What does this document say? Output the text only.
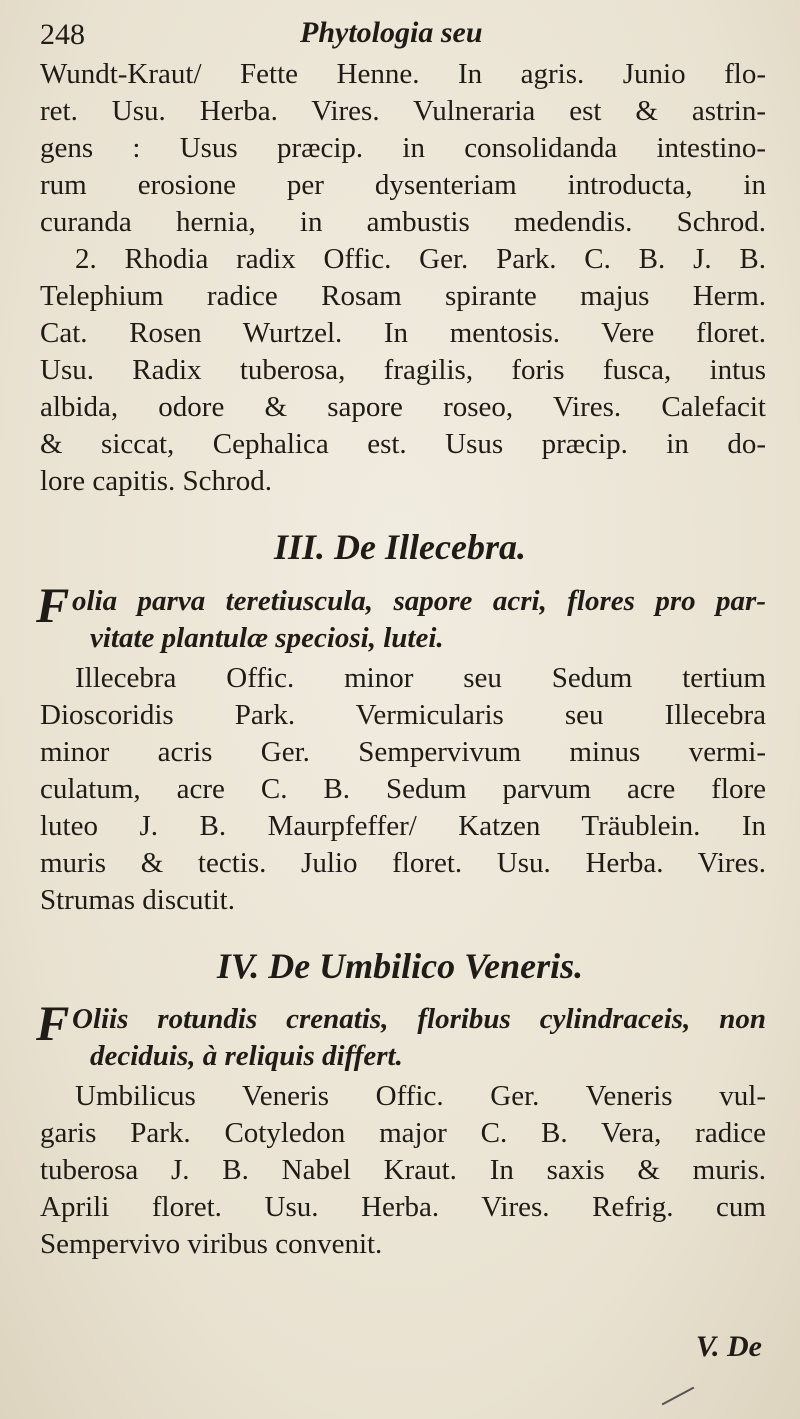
248	Phytologia seu
Wundt-Kraut/ Fette Henne. In agris. Junio flo-
ret. Usu. Herba. Vires. Vulneraria est & astrin-
gens : Usus præcip. in consolidanda intestino-
rum erosione per dysenteriam introducta, in
curanda hernia, in ambustis medendis. Schrod.
2. Rhodia radix Offic. Ger. Park. C. B. J. B.
Telephium radice Rosam spirante majus Herm.
Cat. Rosen Wurtzel. In mentosis. Vere floret.
Usu. Radix tuberosa, fragilis, foris fusca, intus
albida, odore & sapore roseo, Vires. Calefacit
& siccat, Cephalica est. Usus præcip. in do-
lore capitis. Schrod.
III. De Illecebra.
F olia parva teretiuscula, sapore acri, flores pro par-
vitate plantulæ speciosi, lutei.
Illecebra Offic. minor seu Sedum tertium
Dioscoridis Park. Vermicularis seu Illecebra
minor acris Ger. Sempervivum minus vermi-
culatum, acre C. B. Sedum parvum acre flore
luteo J. B. Maurpfeffer/ Katzen Träublein. In
muris & tectis. Julio floret. Usu. Herba. Vires.
Strumas discutit.
IV. De Umbilico Veneris.
F Oliis rotundis crenatis, floribus cylindraceis, non
deciduis, à reliquis differt.
Umbilicus Veneris Offic. Ger. Veneris vul-
garis Park. Cotyledon major C. B. Vera, radice
tuberosa J. B. Nabel Kraut. In saxis & muris.
Aprili floret. Usu. Herba. Vires. Refrig. cum
Sempervivo viribus convenit.
V. De
